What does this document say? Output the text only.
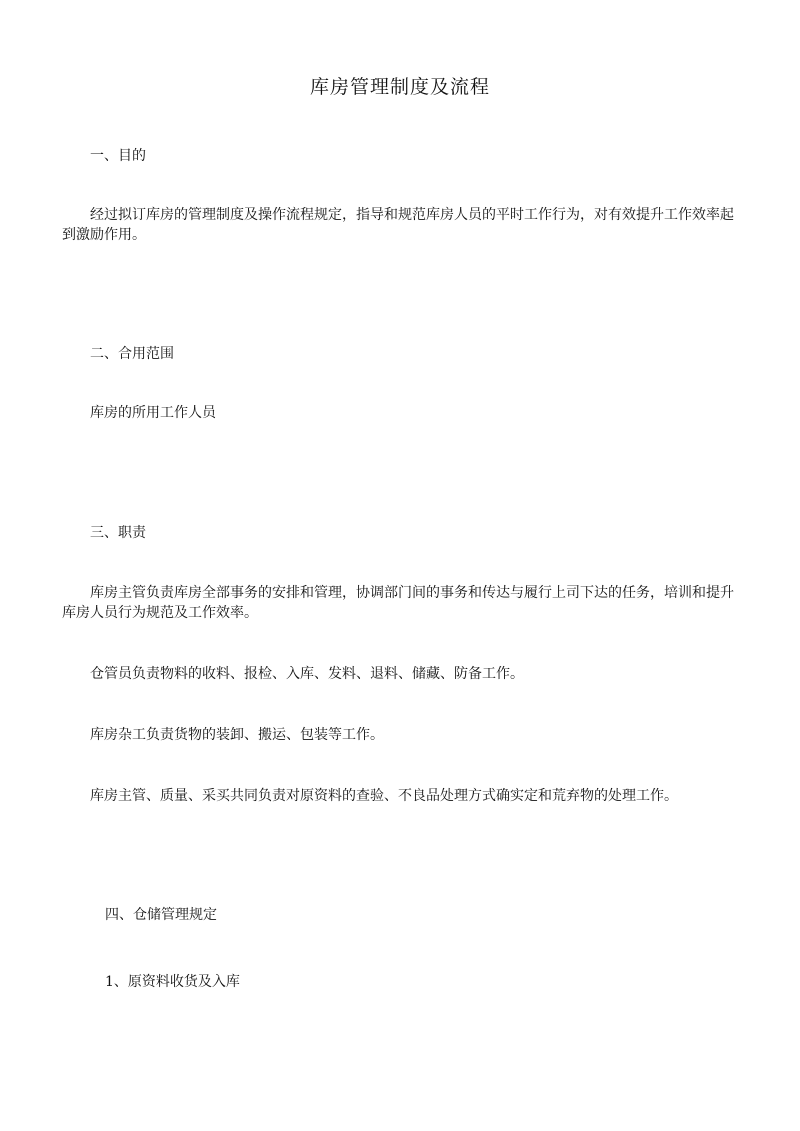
库房管理制度及流程
一、目的
经过拟订库房的管理制度及操作流程规定，指导和规范库房人员的平时工作行为，对有效提升工作效率起到激励作用。
二、合用范围
库房的所用工作人员
三、职责
库房主管负责库房全部事务的安排和管理，协调部门间的事务和传达与履行上司下达的任务，培训和提升库房人员行为规范及工作效率。
仓管员负责物料的收料、报检、入库、发料、退料、储藏、防备工作。
库房杂工负责货物的装卸、搬运、包装等工作。
库房主管、质量、采买共同负责对原资料的查验、不良品处理方式确实定和荒弃物的处理工作。
四、仓储管理规定
1、原资料收货及入库
